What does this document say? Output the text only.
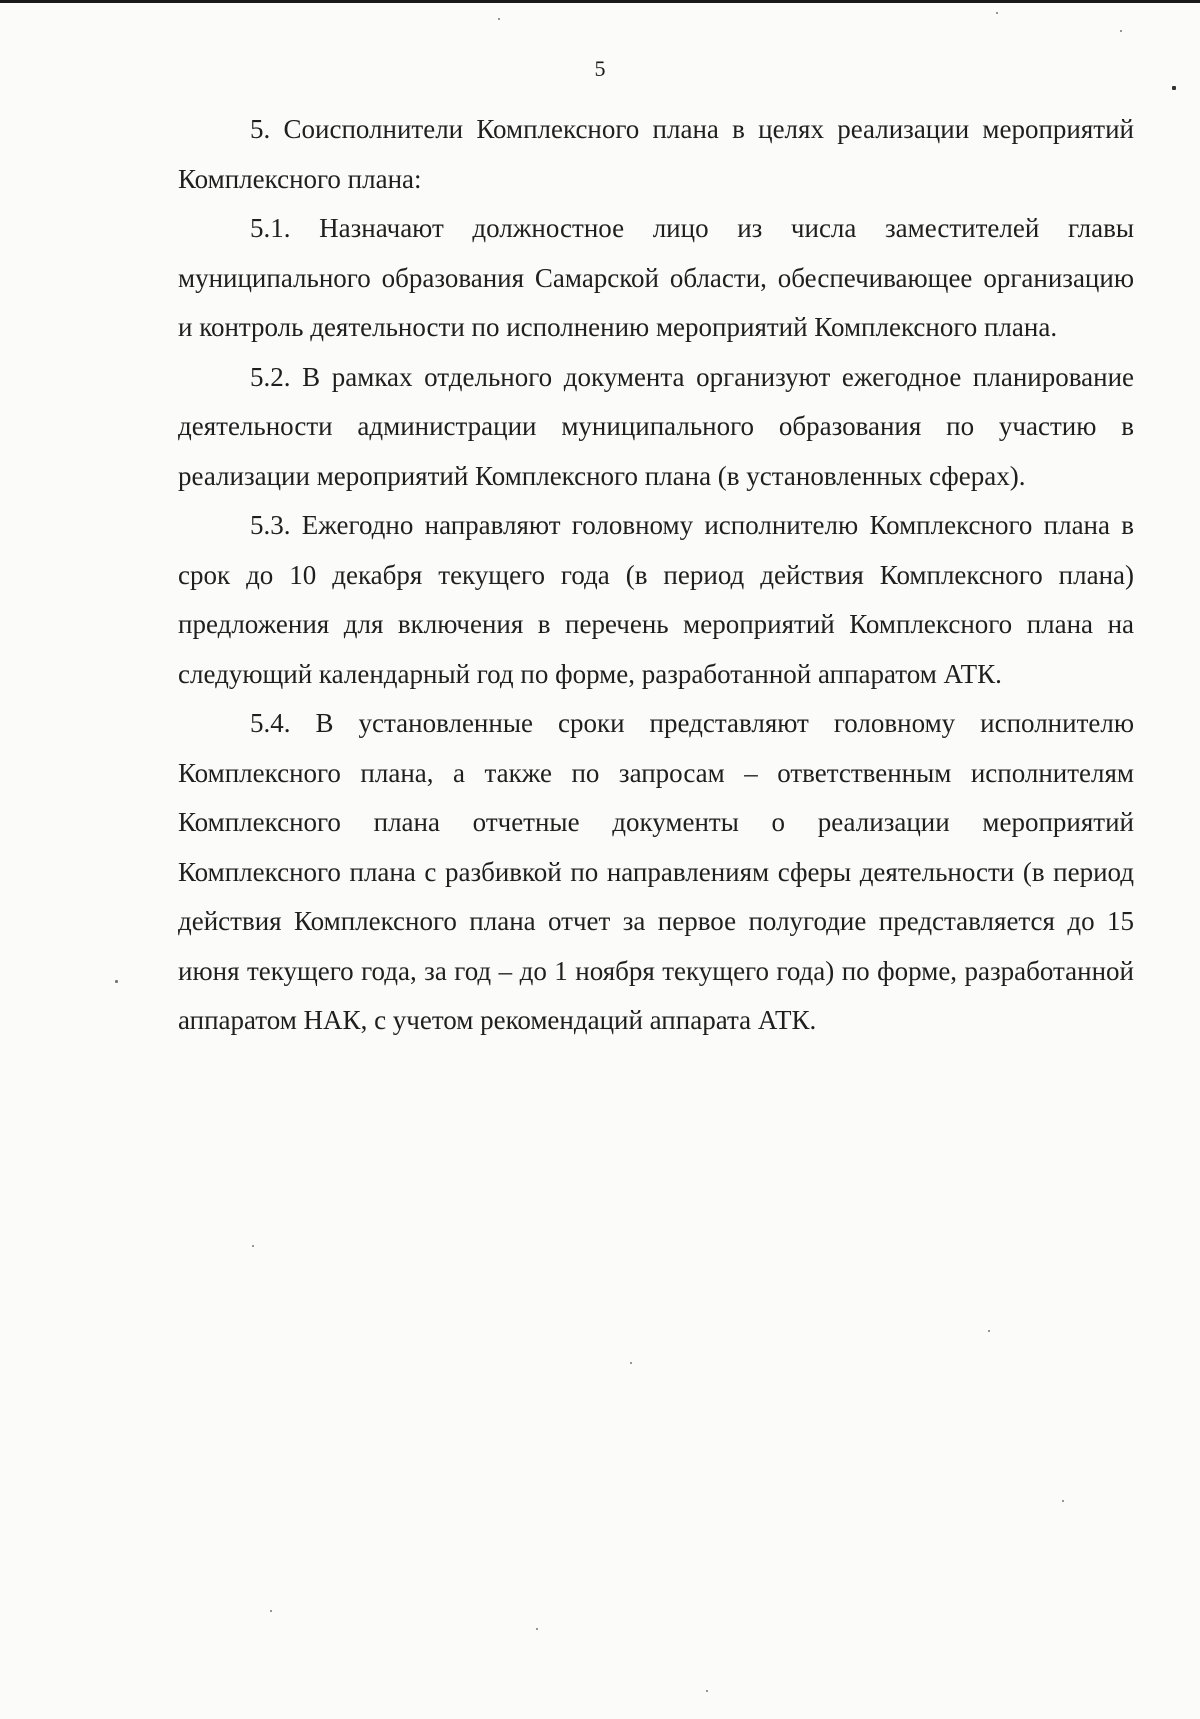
5

5. Соисполнители Комплексного плана в целях реализации мероприятий Комплексного плана:

5.1. Назначают должностное лицо из числа заместителей главы муниципального образования Самарской области, обеспечивающее организацию и контроль деятельности по исполнению мероприятий Комплексного плана.

5.2. В рамках отдельного документа организуют ежегодное планирование деятельности администрации муниципального образования по участию в реализации мероприятий Комплексного плана (в установленных сферах).

5.3. Ежегодно направляют головному исполнителю Комплексного плана в срок до 10 декабря текущего года (в период действия Комплексного плана) предложения для включения в перечень мероприятий Комплексного плана на следующий календарный год по форме, разработанной аппаратом АТК.

5.4. В установленные сроки представляют головному исполнителю Комплексного плана, а также по запросам – ответственным исполнителям Комплексного плана отчетные документы о реализации мероприятий Комплексного плана с разбивкой по направлениям сферы деятельности (в период действия Комплексного плана отчет за первое полугодие представляется до 15 июня текущего года, за год – до 1 ноября текущего года) по форме, разработанной аппаратом НАК, с учетом рекомендаций аппарата АТК.
